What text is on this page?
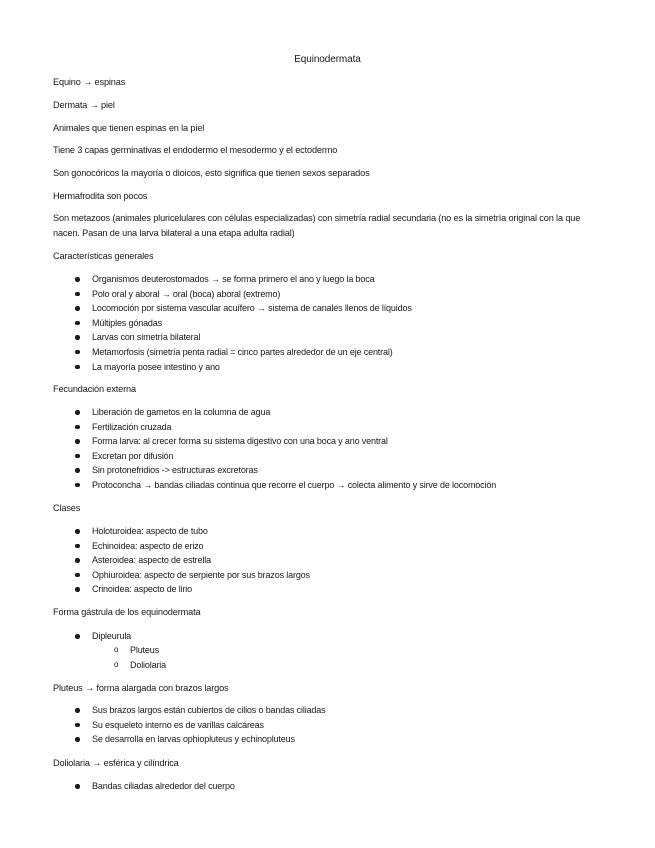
Equinodermata
Equino → espinas
Dermata → piel
Animales que tienen espinas en la piel
Tiene 3 capas germinativas el endodermo el mesodermo y el ectodermo
Son gonocóricos la mayoría o dioicos, esto significa que tienen sexos separados
Hermafrodita son pocos
Son metazoos (animales pluricelulares con células especializadas) con simetría radial secundaria (no es la simetría original con la que nacen. Pasan de una larva bilateral a una etapa adulta radial)
Características generales
Organismos deuterostomados → se forma primero el ano y luego la boca
Polo oral y aboral → oral (boca) aboral (extremo)
Locomoción por sistema vascular acuífero → sistema de canales llenos de líquidos
Múltiples gónadas
Larvas con simetría bilateral
Metamorfosis (simetría penta radial = cinco partes alrededor de un eje central)
La mayoría posee intestino y ano
Fecundación externa
Liberación de gametos en la columna de agua
Fertilización cruzada
Forma larva: al crecer forma su sistema digestivo con una boca y ano ventral
Excretan por difusión
Sin protonefridios -> estructuras excretoras
Protoconcha → bandas ciliadas continua que recorre el cuerpo → colecta alimento y sirve de locomoción
Clases
Holoturoidea: aspecto de tubo
Echinoidea: aspecto de erizo
Asteroidea: aspecto de estrella
Ophiuroidea: aspecto de serpiente por sus brazos largos
Crinoidea: aspecto de lirio
Forma gástrula de los equinodermata
Dipleurula
o Pluteus
o Doliolaria
Pluteus → forma alargada con brazos largos
Sus brazos largos están cubiertos de cilios o bandas ciliadas
Su esqueleto interno es de varillas calcáreas
Se desarrolla en larvas ophiopluteus y echinopluteus
Doliolaria → esférica y cilíndrica
Bandas ciliadas alrededor del cuerpo
